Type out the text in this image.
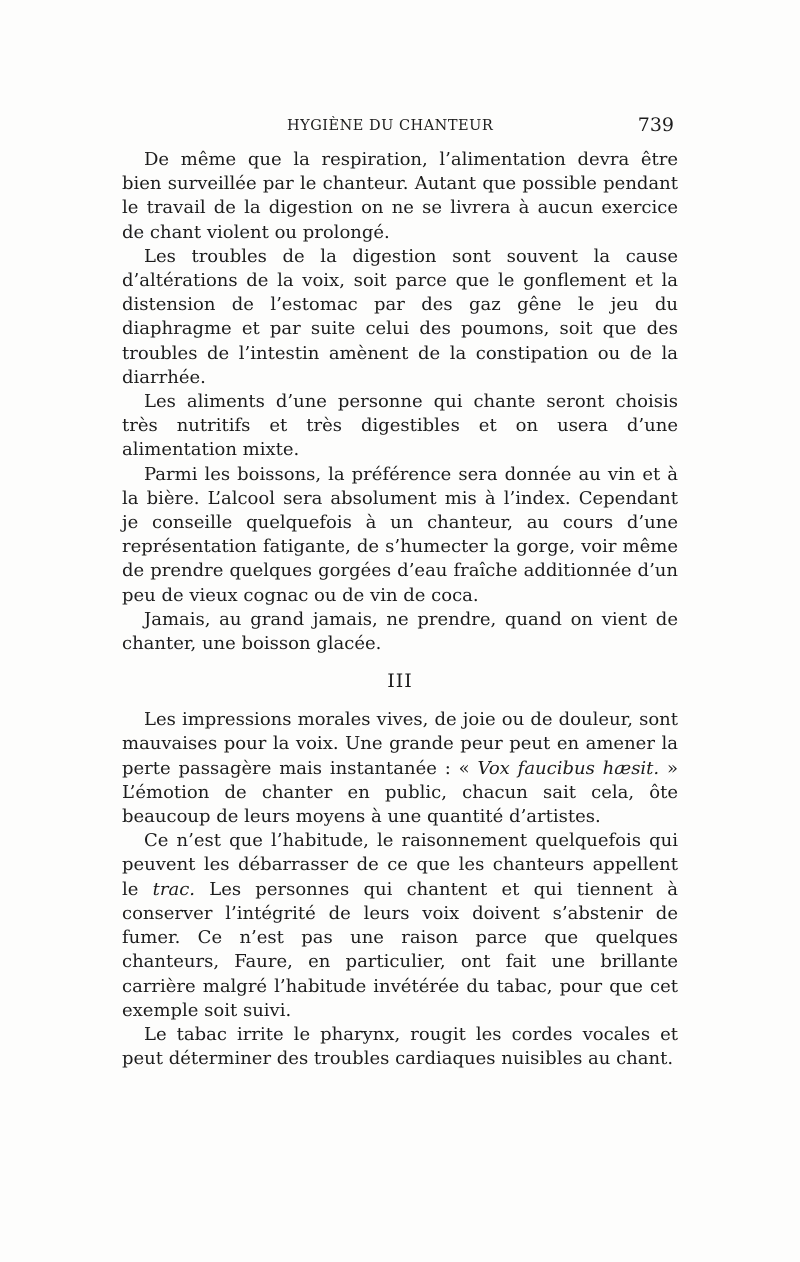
HYGIÈNE DU CHANTEUR	739

De même que la respiration, l’alimentation devra être bien surveillée par le chanteur. Autant que possible pendant le travail de la digestion on ne se livrera à aucun exercice de chant violent ou prolongé.

Les troubles de la digestion sont souvent la cause d’altérations de la voix, soit parce que le gonflement et la distension de l’estomac par des gaz gêne le jeu du diaphragme et par suite celui des poumons, soit que des troubles de l’intestin amènent de la constipation ou de la diarrhée.

Les aliments d’une personne qui chante seront choisis très nutritifs et très digestibles et on usera d’une alimentation mixte.

Parmi les boissons, la préférence sera donnée au vin et à la bière. L’alcool sera absolument mis à l’index. Cependant je conseille quelquefois à un chanteur, au cours d’une représentation fatigante, de s’humecter la gorge, voir même de prendre quelques gorgées d’eau fraîche additionnée d’un peu de vieux cognac ou de vin de coca.

Jamais, au grand jamais, ne prendre, quand on vient de chanter, une boisson glacée.

III

Les impressions morales vives, de joie ou de douleur, sont mauvaises pour la voix. Une grande peur peut en amener la perte passagère mais instantanée : « Vox faucibus hæsit. » L’émotion de chanter en public, chacun sait cela, ôte beaucoup de leurs moyens à une quantité d’artistes.

Ce n’est que l’habitude, le raisonnement quelquefois qui peuvent les débarrasser de ce que les chanteurs appellent le trac. Les personnes qui chantent et qui tiennent à conserver l’intégrité de leurs voix doivent s’abstenir de fumer. Ce n’est pas une raison parce que quelques chanteurs, Faure, en particulier, ont fait une brillante carrière malgré l’habitude invétérée du tabac, pour que cet exemple soit suivi.

Le tabac irrite le pharynx, rougit les cordes vocales et peut déterminer des troubles cardiaques nuisibles au chant.
